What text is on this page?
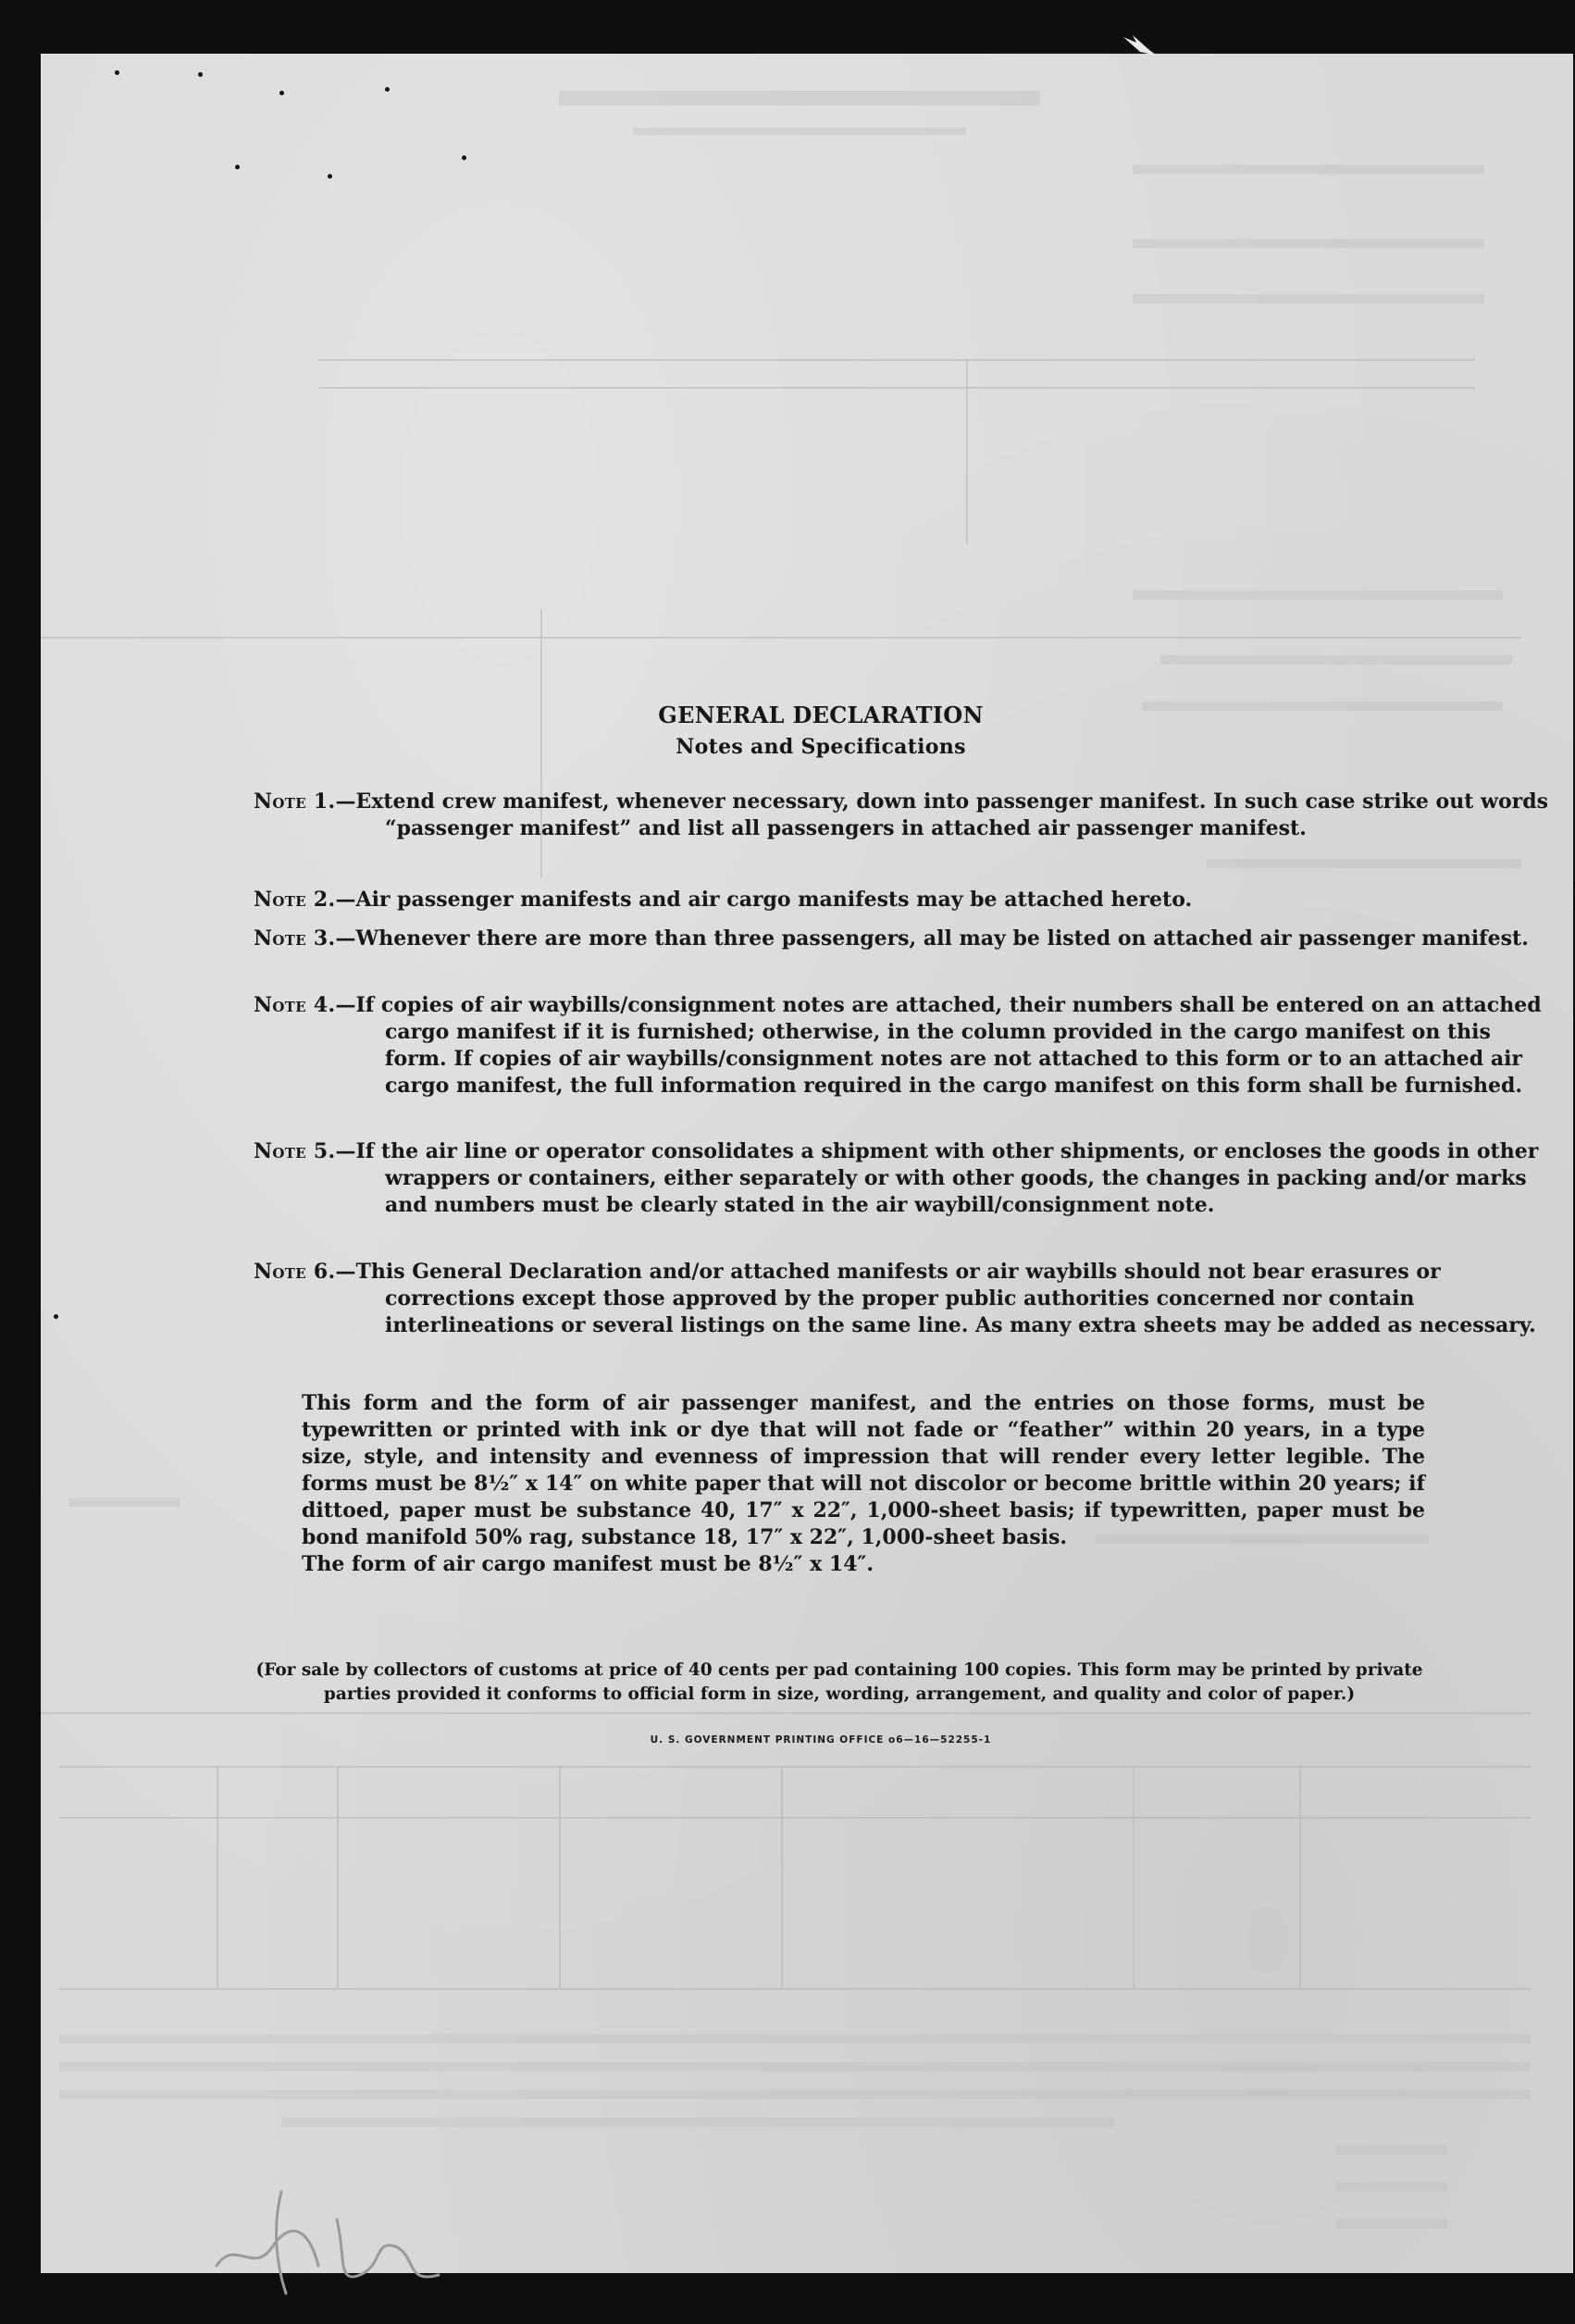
GENERAL DECLARATION
Notes and Specifications
Note 1.—Extend crew manifest, whenever necessary, down into passenger manifest. In such case strike out words “passenger manifest” and list all passengers in attached air passenger manifest.
Note 2.—Air passenger manifests and air cargo manifests may be attached hereto.
Note 3.—Whenever there are more than three passengers, all may be listed on attached air passenger manifest.
Note 4.—If copies of air waybills/consignment notes are attached, their numbers shall be entered on an attached cargo manifest if it is furnished; otherwise, in the column provided in the cargo manifest on this form. If copies of air waybills/consignment notes are not attached to this form or to an attached air cargo manifest, the full information required in the cargo manifest on this form shall be furnished.
Note 5.—If the air line or operator consolidates a shipment with other shipments, or encloses the goods in other wrappers or containers, either separately or with other goods, the changes in packing and/or marks and numbers must be clearly stated in the air waybill/consignment note.
Note 6.—This General Declaration and/or attached manifests or air waybills should not bear erasures or corrections except those approved by the proper public authorities concerned nor contain interlineations or several listings on the same line. As many extra sheets may be added as necessary.
This form and the form of air passenger manifest, and the entries on those forms, must be typewritten or printed with ink or dye that will not fade or “feather” within 20 years, in a type size, style, and intensity and evenness of impression that will render every letter legible. The forms must be 8½″ x 14″ on white paper that will not discolor or become brittle within 20 years; if dittoed, paper must be substance 40, 17″ x 22″, 1,000-sheet basis; if typewritten, paper must be bond manifold 50% rag, substance 18, 17″ x 22″, 1,000-sheet basis.
The form of air cargo manifest must be 8½″ x 14″.
(For sale by collectors of customs at price of 40 cents per pad containing 100 copies. This form may be printed by private parties provided it conforms to official form in size, wording, arrangement, and quality and color of paper.)
U. S. GOVERNMENT PRINTING OFFICE o6—16—52255-1
